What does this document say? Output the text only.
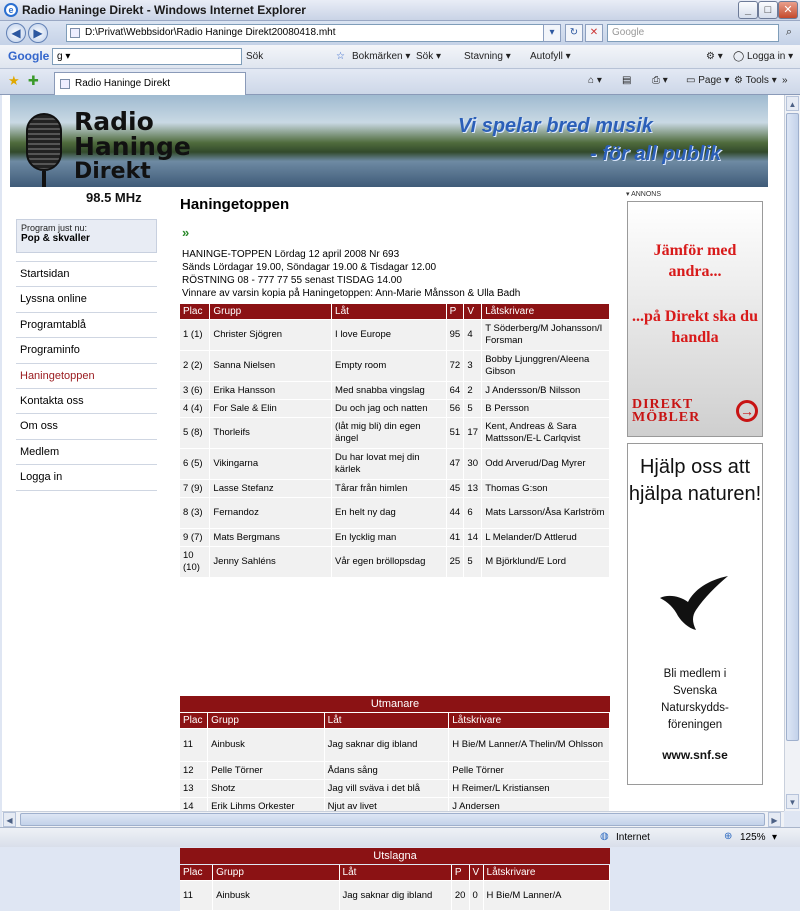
e Radio Haninge Direkt - Windows Internet Explorer	_	□	✕
◀	▶	D:\Privat\Webbsidor\Radio Haninge Direkt20080418.mht	▾	↻	✕	Google	⌕
Google g ▾	Sök	☆ Bokmärken ▾ Sök ▾ Stavning ▾ Autofyll ▾	⚙ ▾ ◯ Logga in ▾
★ ✚	Radio Haninge Direkt	⌂ ▾ ▤ ⎙ ▾ ▭ Page ▾ ⚙ Tools ▾ »
Radio
Haninge
Direkt
Vi spelar bred musik
- för all publik
98.5 MHz
Program just nu:
Pop & skvaller
Startsidan
Lyssna online
Programtablå
Programinfo
Haningetoppen
Kontakta oss
Om oss
Medlem
Logga in
Haningetoppen
»
HANINGE-TOPPEN Lördag 12 april 2008 Nr 693
Sänds Lördagar 19.00, Söndagar 19.00 & Tisdagar 12.00
RÖSTNING 08 - 777 77 55 senast TISDAG 14.00
Vinnare av varsin kopia på Haningetoppen: Ann-Marie Månsson & Ulla Badh
Plac	Grupp	Låt	P	V	Låtskrivare
1 (1)	Christer Sjögren	I love Europe	95	4	T Söderberg/M Johansson/I Forsman
2 (2)	Sanna Nielsen	Empty room	72	3	Bobby Ljunggren/Aleena Gibson
3 (6)	Erika Hansson	Med snabba vingslag	64	2	J Andersson/B Nilsson
4 (4)	For Sale & Elin	Du och jag och natten	56	5	B Persson
5 (8)	Thorleifs	(låt mig bli) din egen ängel	51	17	Kent, Andreas & Sara Mattsson/E-L Carlqvist
6 (5)	Vikingarna	Du har lovat mej din kärlek	47	30	Odd Arverud/Dag Myrer
7 (9)	Lasse Stefanz	Tårar från himlen	45	13	Thomas G:son
8 (3)	Fernandoz	En helt ny dag	44	6	Mats Larsson/Åsa Karlström
9 (7)	Mats Bergmans	En lycklig man	41	14	L Melander/D Attlerud
10 (10)	Jenny Sahléns	Vår egen bröllopsdag	25	5	M Björklund/E Lord
Utmanare
Plac	Grupp	Låt	Låtskrivare
11	Ainbusk	Jag saknar dig ibland	H Bie/M Lanner/A Thelin/M Ohlsson
12	Pelle Törner	Ådans sång	Pelle Törner
13	Shotz	Jag vill sväva i det blå	H Reimer/L Kristiansen
14	Erik Lihms Orkester	Njut av livet	J Andersen

Utslagna
Plac	Grupp	Låt	P	V	Låtskrivare
11	Ainbusk	Jag saknar dig ibland	20	0	H Bie/M Lanner/A
▾ ANNONS
Jämför med andra...
...på Direkt ska du handla
DIREKT
MÖBLER	→
Hjälp oss att hjälpa naturen!
Bli medlem i Svenska Naturskydds-föreningen
www.snf.se
▲
▼
◀	▶
◍ Internet	⊕ 125% ▾
